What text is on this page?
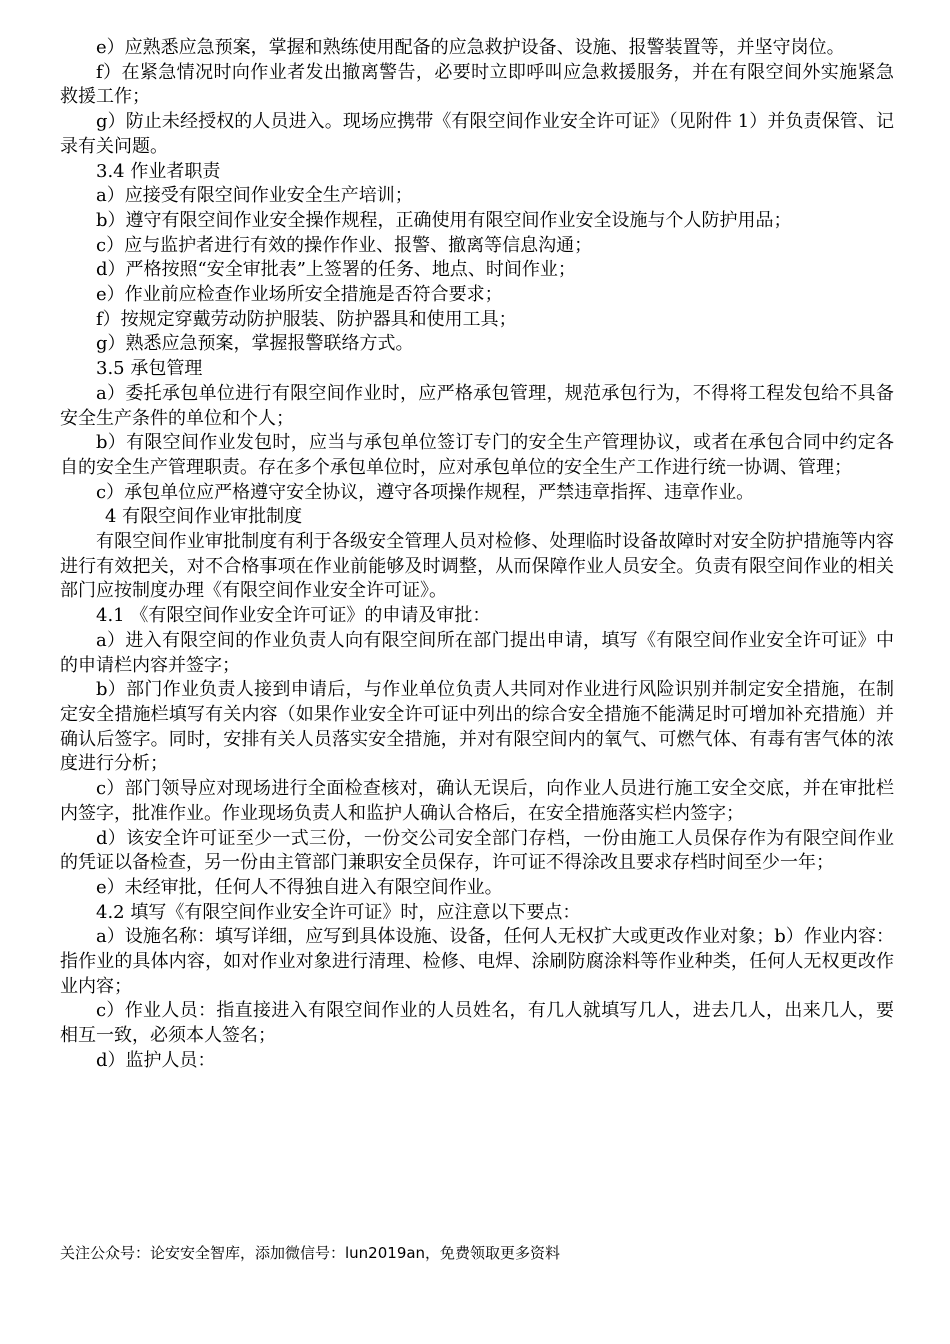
e）应熟悉应急预案，掌握和熟练使用配备的应急救护设备、设施、报警装置等，并坚守岗位。

f）在紧急情况时向作业者发出撤离警告，必要时立即呼叫应急救援服务，并在有限空间外实施紧急救援工作；

g）防止未经授权的人员进入。现场应携带《有限空间作业安全许可证》（见附件 1）并负责保管、记录有关问题。

3.4 作业者职责

a）应接受有限空间作业安全生产培训；

b）遵守有限空间作业安全操作规程，正确使用有限空间作业安全设施与个人防护用品；

c）应与监护者进行有效的操作作业、报警、撤离等信息沟通；

d）严格按照“安全审批表”上签署的任务、地点、时间作业；

e）作业前应检查作业场所安全措施是否符合要求；

f）按规定穿戴劳动防护服装、防护器具和使用工具；

g）熟悉应急预案，掌握报警联络方式。

3.5 承包管理

a）委托承包单位进行有限空间作业时，应严格承包管理，规范承包行为，不得将工程发包给不具备安全生产条件的单位和个人；

b）有限空间作业发包时，应当与承包单位签订专门的安全生产管理协议，或者在承包合同中约定各自的安全生产管理职责。存在多个承包单位时，应对承包单位的安全生产工作进行统一协调、管理；

c）承包单位应严格遵守安全协议，遵守各项操作规程，严禁违章指挥、违章作业。

4 有限空间作业审批制度

有限空间作业审批制度有利于各级安全管理人员对检修、处理临时设备故障时对安全防护措施等内容进行有效把关，对不合格事项在作业前能够及时调整，从而保障作业人员安全。负责有限空间作业的相关部门应按制度办理《有限空间作业安全许可证》。

4.1 《有限空间作业安全许可证》的申请及审批：

a）进入有限空间的作业负责人向有限空间所在部门提出申请，填写《有限空间作业安全许可证》中的申请栏内容并签字；

b）部门作业负责人接到申请后，与作业单位负责人共同对作业进行风险识别并制定安全措施，在制定安全措施栏填写有关内容（如果作业安全许可证中列出的综合安全措施不能满足时可增加补充措施）并确认后签字。同时，安排有关人员落实安全措施，并对有限空间内的氧气、可燃气体、有毒有害气体的浓度进行分析；

c）部门领导应对现场进行全面检查核对，确认无误后，向作业人员进行施工安全交底，并在审批栏内签字，批准作业。作业现场负责人和监护人确认合格后，在安全措施落实栏内签字；

d）该安全许可证至少一式三份，一份交公司安全部门存档，一份由施工人员保存作为有限空间作业的凭证以备检查，另一份由主管部门兼职安全员保存，许可证不得涂改且要求存档时间至少一年；

e）未经审批，任何人不得独自进入有限空间作业。

4.2 填写《有限空间作业安全许可证》时，应注意以下要点：

a）设施名称：填写详细，应写到具体设施、设备，任何人无权扩大或更改作业对象；b）作业内容：指作业的具体内容，如对作业对象进行清理、检修、电焊、涂刷防腐涂料等作业种类，任何人无权更改作业内容；

c）作业人员：指直接进入有限空间作业的人员姓名，有几人就填写几人，进去几人，出来几人，要相互一致，必须本人签名；

d）监护人员：

关注公众号：论安安全智库，添加微信号：lun2019an，免费领取更多资料
